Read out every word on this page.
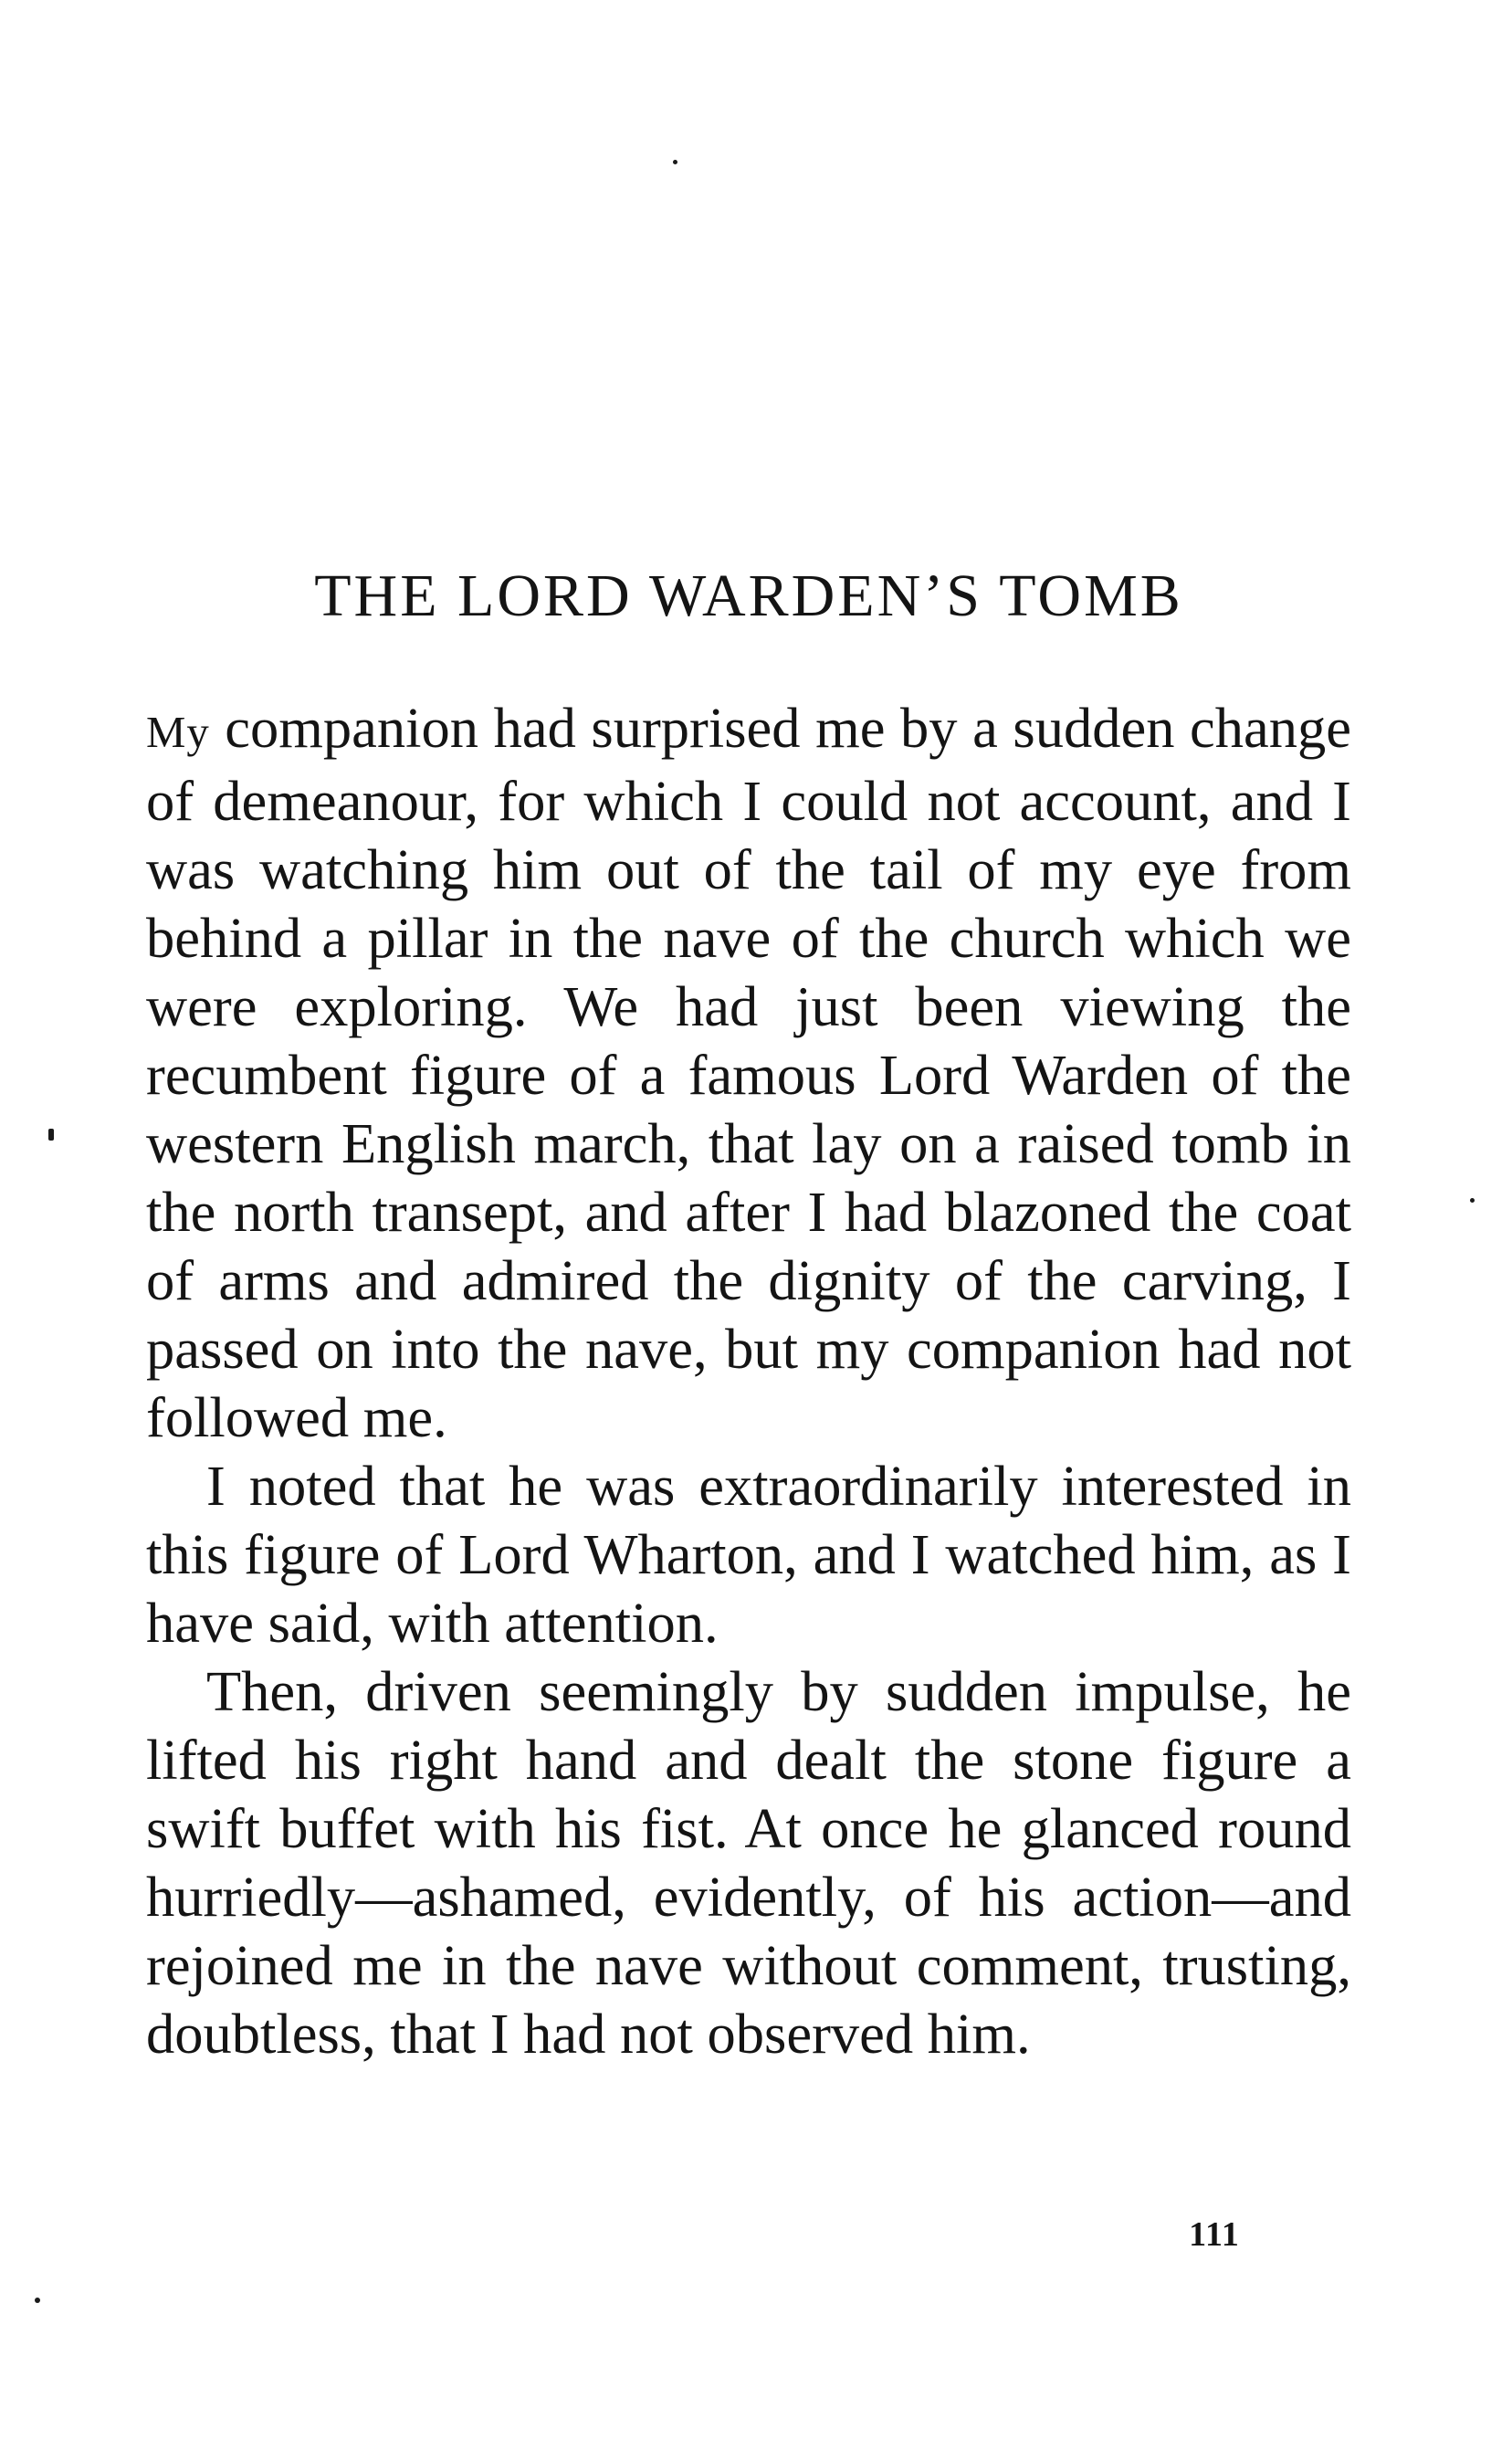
THE LORD WARDEN’S TOMB

My companion had surprised me by a sudden change of demeanour, for which I could not account, and I was watching him out of the tail of my eye from behind a pillar in the nave of the church which we were exploring. We had just been viewing the recumbent figure of a famous Lord Warden of the western English march, that lay on a raised tomb in the north transept, and after I had blazoned the coat of arms and admired the dignity of the carving, I passed on into the nave, but my companion had not followed me.

I noted that he was extraordinarily interested in this figure of Lord Wharton, and I watched him, as I have said, with attention.

Then, driven seemingly by sudden impulse, he lifted his right hand and dealt the stone figure a swift buffet with his fist. At once he glanced round hurriedly—ashamed, evidently, of his action—and rejoined me in the nave without comment, trusting, doubtless, that I had not observed him.

111
